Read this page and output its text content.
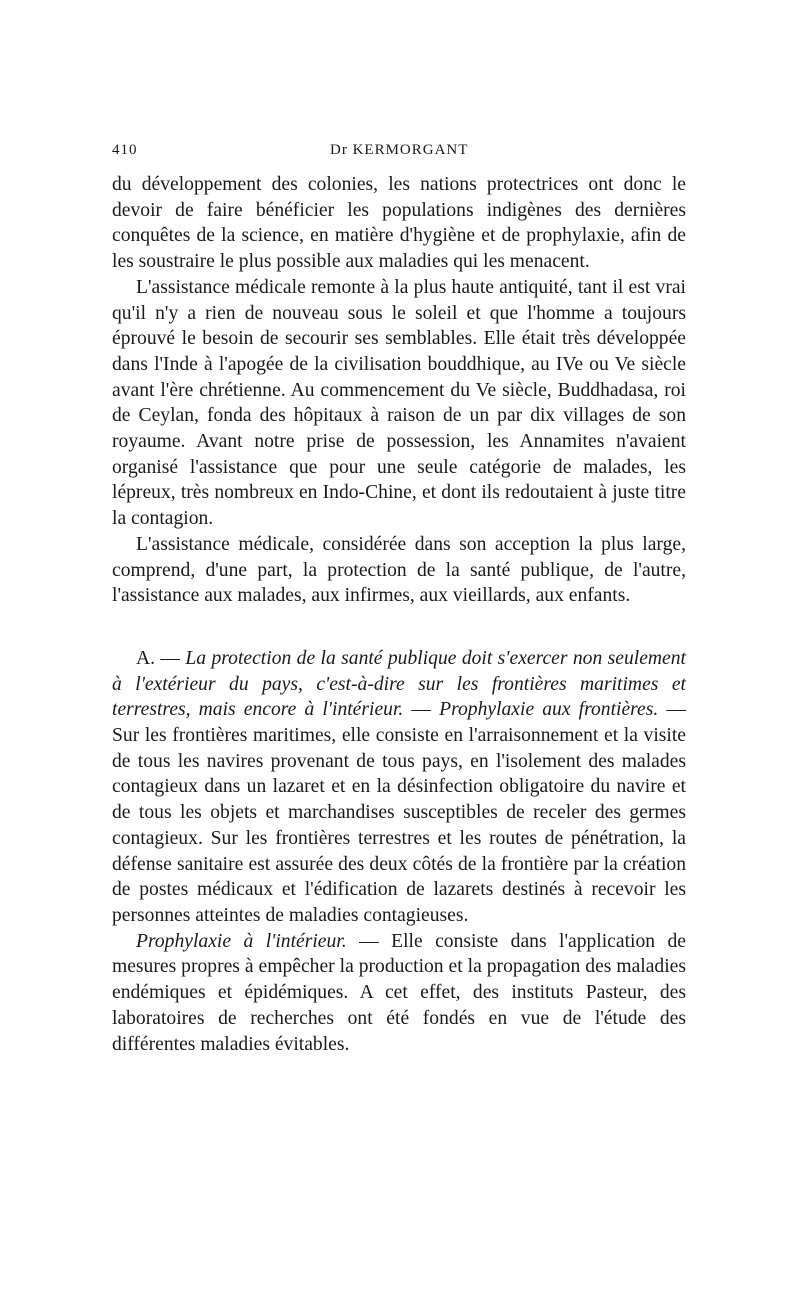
410	Dr KERMORGANT

du développement des colonies, les nations protectrices ont donc le devoir de faire bénéficier les populations indigènes des dernières conquêtes de la science, en matière d'hygiène et de prophylaxie, afin de les soustraire le plus possible aux maladies qui les menacent.

L'assistance médicale remonte à la plus haute antiquité, tant il est vrai qu'il n'y a rien de nouveau sous le soleil et que l'homme a toujours éprouvé le besoin de secourir ses semblables. Elle était très développée dans l'Inde à l'apogée de la civilisation bouddhique, au IVe ou Ve siècle avant l'ère chrétienne. Au commencement du Ve siècle, Buddhadasa, roi de Ceylan, fonda des hôpitaux à raison de un par dix villages de son royaume. Avant notre prise de possession, les Annamites n'avaient organisé l'assistance que pour une seule catégorie de malades, les lépreux, très nombreux en Indo-Chine, et dont ils redoutaient à juste titre la contagion.

L'assistance médicale, considérée dans son acception la plus large, comprend, d'une part, la protection de la santé publique, de l'autre, l'assistance aux malades, aux infirmes, aux vieillards, aux enfants.

A. — La protection de la santé publique doit s'exercer non seulement à l'extérieur du pays, c'est-à-dire sur les frontières maritimes et terrestres, mais encore à l'intérieur. — Prophylaxie aux frontières. — Sur les frontières maritimes, elle consiste en l'arraisonnement et la visite de tous les navires provenant de tous pays, en l'isolement des malades contagieux dans un lazaret et en la désinfection obligatoire du navire et de tous les objets et marchandises susceptibles de receler des germes contagieux. Sur les frontières terrestres et les routes de pénétration, la défense sanitaire est assurée des deux côtés de la frontière par la création de postes médicaux et l'édification de lazarets destinés à recevoir les personnes atteintes de maladies contagieuses.

Prophylaxie à l'intérieur. — Elle consiste dans l'application de mesures propres à empêcher la production et la propagation des maladies endémiques et épidémiques. A cet effet, des instituts Pasteur, des laboratoires de recherches ont été fondés en vue de l'étude des différentes maladies évitables.
